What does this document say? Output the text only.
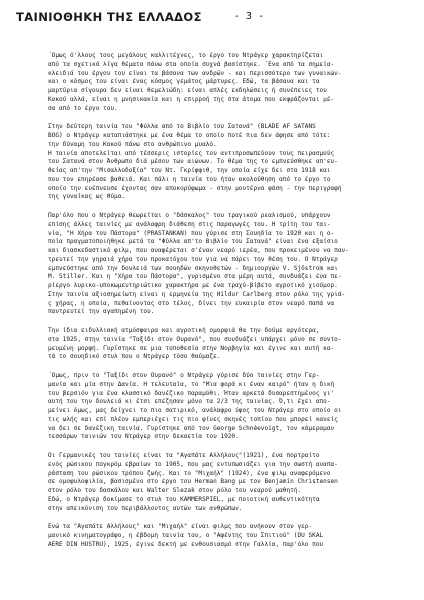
ΤΑΙΝΙΟΘΗΚΗ ΤΗΣ ΕΛΛΑΔΟΣ	- 3 -

΄Ομως ό'λλους τους μεγάλους καλλιτέχνες, το έργο του Ντράγερ χαρακτηρίζεται
από τα σχετικά λίγα θέματα πάνω στα οποία συχνά βασίστηκε. ΄Ενα από τα σημεία-
κλειδιά του έργου του είναι τα βάσανα των ανδρών - και περισσότερο των γυναικών-
και ο κόσμος του είναι ένας κόσμος γεμάτος μάρτυρες. Εδώ, τα βάσανα και τα
μαρτύρια σίγουρα δεν είναι θεμελιώδη: είναι απλές εκδηλώσεις ή συνέπειες του
Κακού αλλά, είναι η μνησικακία και η επιρροή της στα άτομα που εκφράζονται μέ-
σα από το έργο του.

Στην δεύτερη ταινία του "Φύλλα από το Βιβλίο του Σατανά" (BLADE AF SATANS
BOG) ο Ντράγερ καταπιάστηκε με ένα θέμα το οποίο ποτέ πια δεν άφησε από τότε:
την δύναμη του Κακού πάνω στο ανθρώπινο μυαλό.
Η ταινία αποτελείται από τέσσερις ιστορίες του αντιπροσωπεύουν τους πειρασμούς
του Σατανά στον Άνθρωπο διά μέσου των αιώνων. Το θέμα της το εμπνεύσθηκε απ'ευ-
θείας απ'την "Μισαλλοδοξία" του Ντ. Γκρίφφιθ, την οποία είχε δει στα 1918 και
που τον επηρέασε βαθειά. Και πάλι η ταινία του ήταν ακολούθηση από το έργο το
οποίο την ενέπνευσε έχοντας σαν αποκορύφωμα - στην μοντέρνα φάση - την περιγραφή
της γυναίκας ως θύμα.

Παρ'όλο που ο Ντράγερ θεωρείται ο "δάσκαλος" του τραγικού ρεαλισμού, υπάρχουν
επίσης άλλες ταινίες με ανάλαφρη διάθεση στις παραγωγές του. Η τρίτη του ται-
νία, "Η Χήρα του Πάστορα" (PRASTANKAN) που γύρισε στη Σουηδία το 1920 και η ο-
ποία πραγματοποιήθηκε μετά τα "Φύλλα απ'το Βιβλίο του Σατανά" είναι ένα εξαίσιο
και διασκεδαστικό φιλμ, που αναφέρεται σ'έναν νεαρό ιερέα, που προκειμένου να παν-
τρευτεί την γηραιά χήρα του προκατόχου του για να πάρει την θέση του. Ο Ντράγερ
εμπνεύστηκε από την δουλειά των σουηδών σκηνοθετών - δημιουργών V. Sjöstrom και
M. Stiller. Και η "Χήρα του Πάστορα", γυρισμένο στα μέρη αυτά, συνδυάζει ένα πε-
ρίεργο λυρικο-υποκωμευτηριώτικο χαρακτήρα με ένα τραχύ-βίβετο αγροτικό χιούμορ.
Στην ταινία αξιοσημείωτη είναι η ερμηνεία της Hildur Carlberg στον ρόλο της γριά-
ς χήρας, η οποία, πεθαίνοντας στο τέλος, δίνει την ευκαιρία στον νεαρό παπά να
παντρευτεί την αγαπημένη του.

Την ίδια ειδυλλιακή ατμόσφαιρα και αγροτική ομορφιά θα την δούμε αργότερα,
στα 1925, στην ταινία "Ταξίδι στον Ουρανό", που συνδυάζει υπάρχει μόνο σε συντο-
μευμένη μορφή. Γυρίστηκε σε μια τοποθεσία στην Νορβηγία και έγινε και αυτή κα-
τά το σουηδικό στυλ που ο Ντράγερ τόσο θαύμαζε.

΄Ομως, πριν το "Ταξίδι στον Ουρανό" ο Ντράγερ γύρισε δύο ταινίες στην Γερ-
μανία και μία στην Δανία. Η τελευταία, το "Μια φορά κι έναν καιρό" ήταν η δική
του βερσιόν για ένα κλασσικό δανέζικο παραμύθι. Ήταν αρκετά δυσαρεστημένος γι'
αυτή του την δουλειά κι έτσι επέζησαν μόνο τα 2/3 της ταινίας. Ό,τι έχει απο-
μείνει όμως, μας δείχνει το πιο σατιρικό, ανάλαφρο ύφος του Ντράγερ στο οποίο οι
τις ωλής και επί πλέον εμπεριέχει τις πιο φίνες σκηνές τοπίου που μπορεί κανείς
να δει σε δανέζικη ταινία. Γυρίστηκε από τον George Schnéevoigt, τον κάμεραμαν
τεσσάρων ταινιών του Ντράγερ στην δεκαετία του 1920.

Οι Γερμανικές του ταινίες είναι τα "Αγαπάτε Αλλήλους"(1921), ένα πορτραίτο
ενός ρώσικου πογκρόμ εβραίων το 1905, που μας εντυπωσιάζει για την σωστή αναπα-
ράσταση του ρώσικου τρόπου ζωής. Και το "Μιχαήλ" (1924), ένα φιλμ αναφερόμενο
σε ομοφυλοφιλία, βασισμένο στο έργο του Herman Bang με τον Benjamin Christensen
στον ρόλο του δασκάλου και Walter Slezak στον ρόλο του νεαρού μαθητή.
Εδώ, ο Ντράγερ δοκίμασε το στυλ του KAMMERSPIEL, με ποιοτική αυθεντικότητα
στην απεικόνιση του περιβάλλοντος αυτών των ανθρώπων.

Ενώ τα "Αγαπάτε Αλλήλους" και "Μιχαήλ" είναι φιλμς που ανήκουν στον γερ-
μανικό κινηματογράφο, η έβδομη ταινία του, ο "Αφέντης του Σπιτιού" (DU SKAL
AERE DIN HUSTRU), 1925, έγινε δεκτή με ενθουσιασμό στην Γαλλία, παρ'όλο που
